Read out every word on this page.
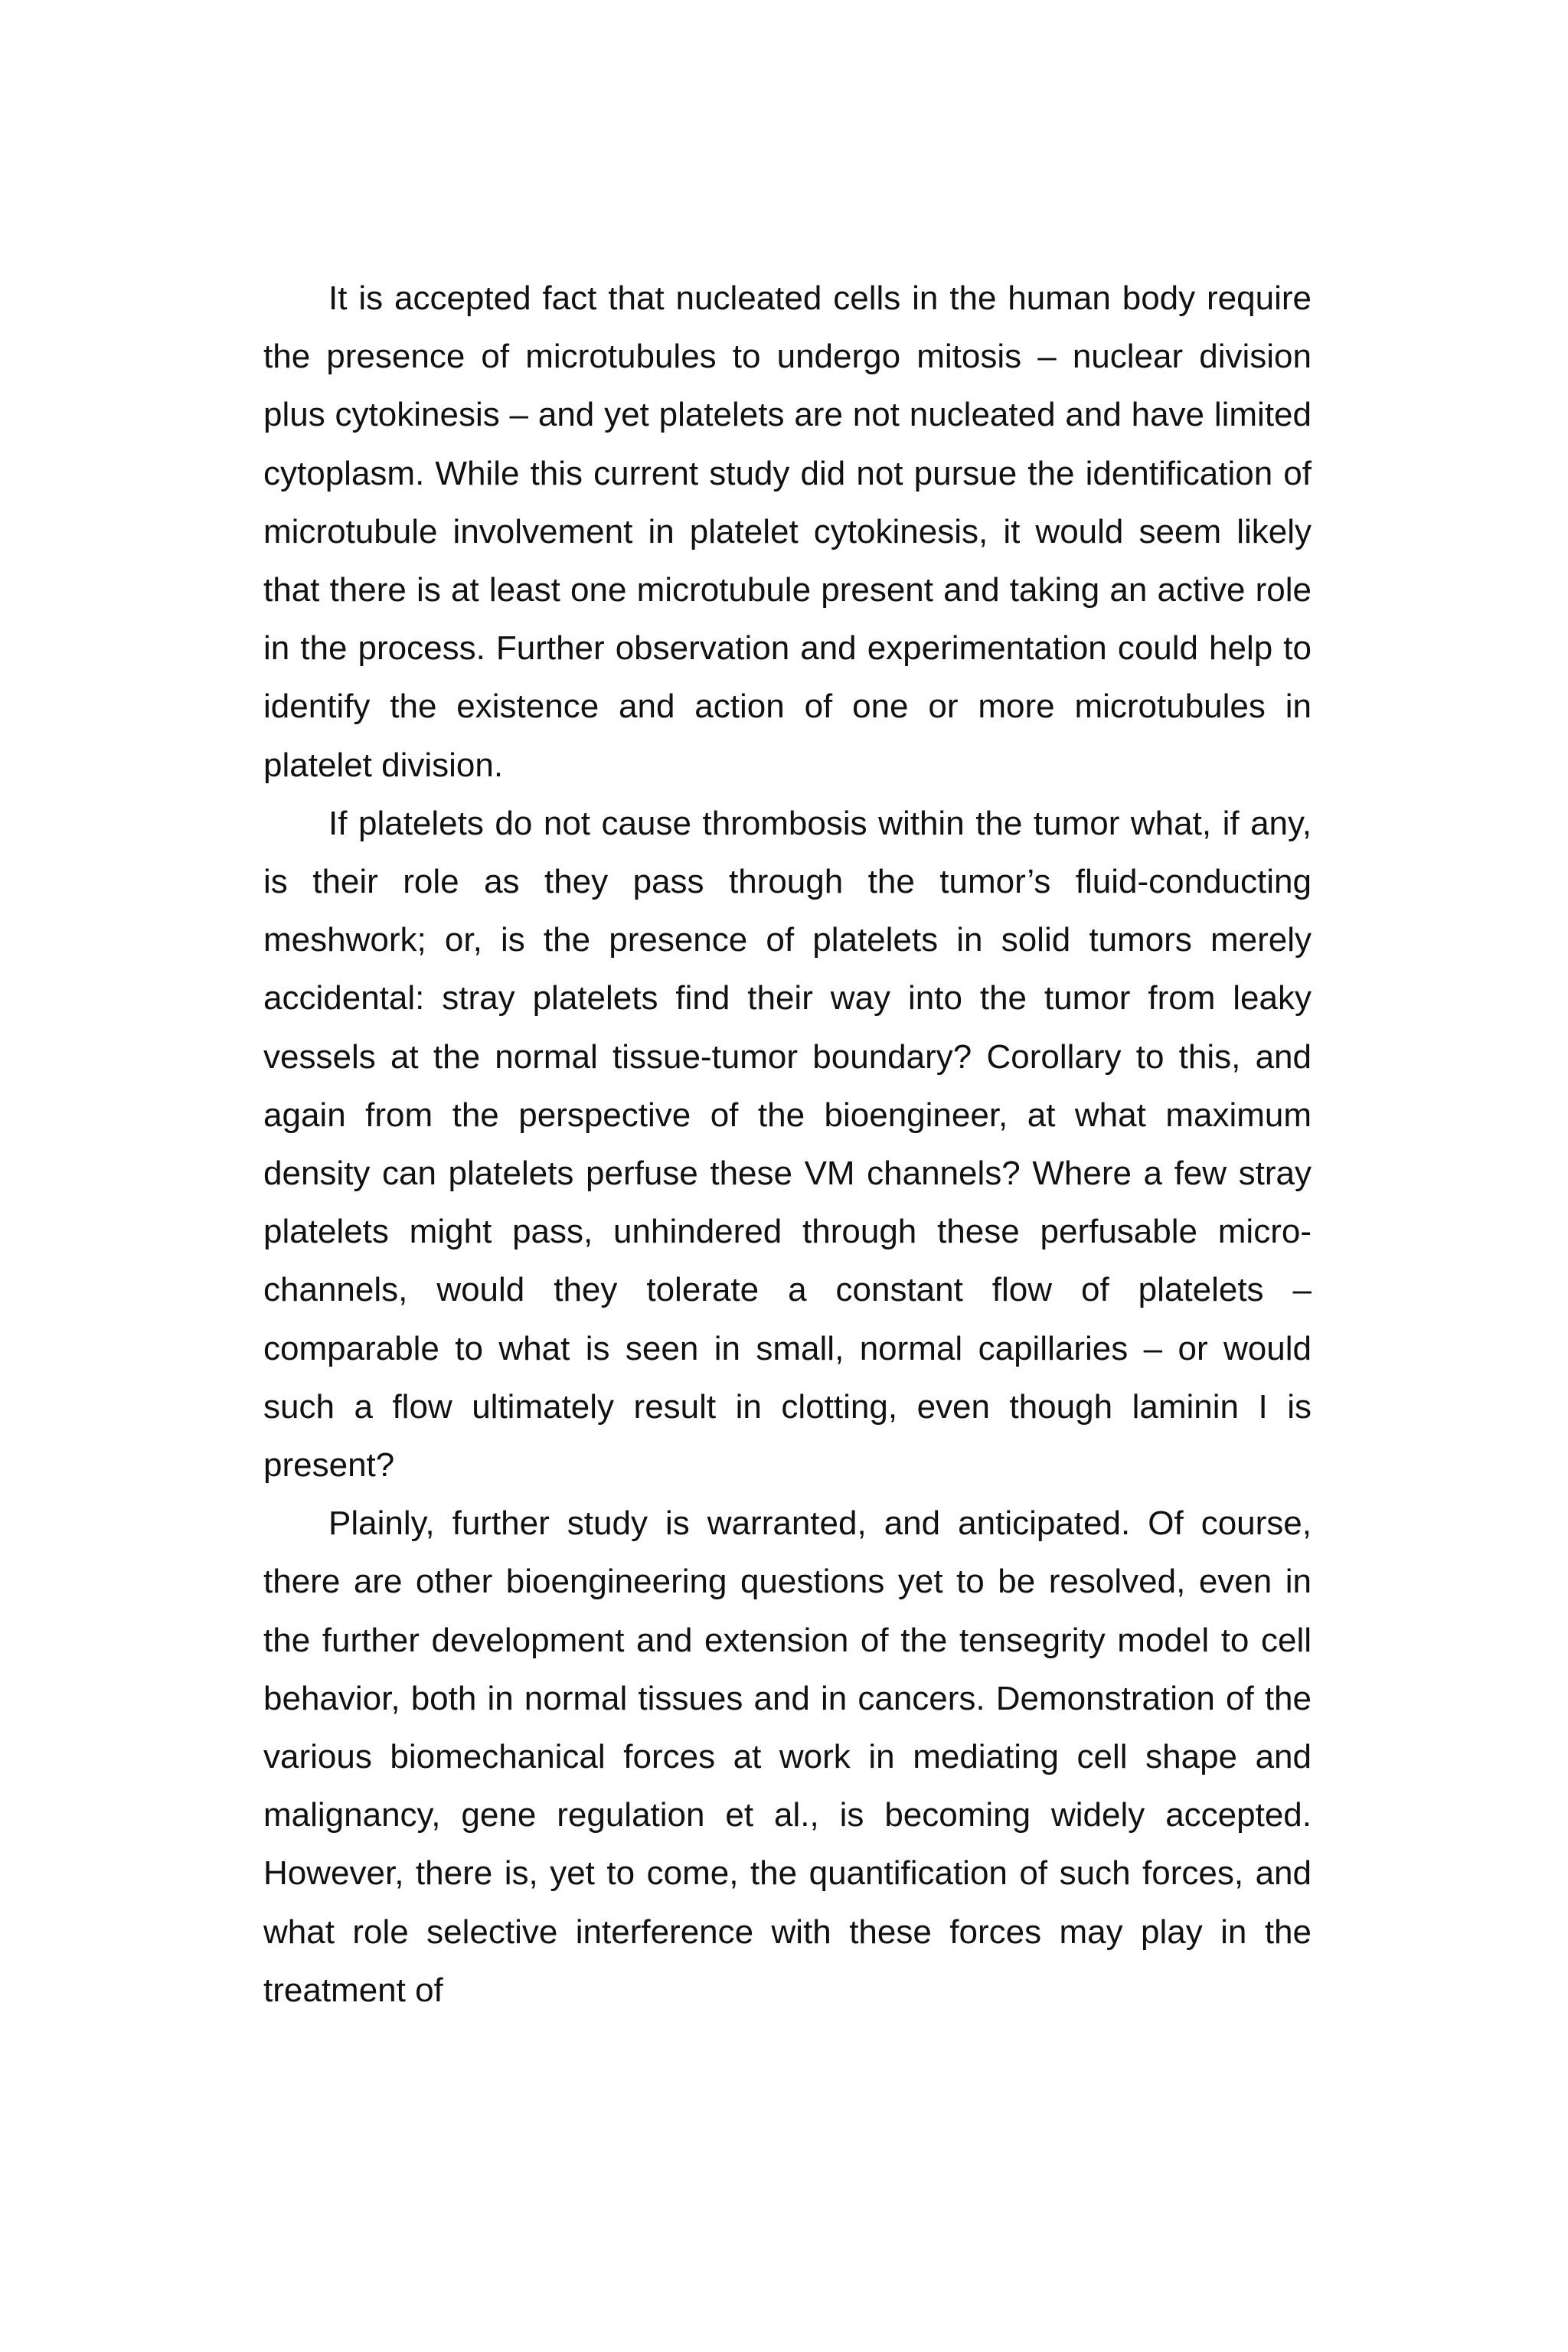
It is accepted fact that nucleated cells in the human body require the presence of microtubules to undergo mitosis – nuclear division plus cytokinesis – and yet platelets are not nucleated and have limited cytoplasm. While this current study did not pursue the identification of microtubule involvement in platelet cytokinesis, it would seem likely that there is at least one microtubule present and taking an active role in the process. Further observation and experimentation could help to identify the existence and action of one or more microtubules in platelet division.

If platelets do not cause thrombosis within the tumor what, if any, is their role as they pass through the tumor’s fluid-conducting meshwork; or, is the presence of platelets in solid tumors merely accidental: stray platelets find their way into the tumor from leaky vessels at the normal tissue-tumor boundary? Corollary to this, and again from the perspective of the bioengineer, at what maximum density can platelets perfuse these VM channels? Where a few stray platelets might pass, unhindered through these perfusable micro-channels, would they tolerate a constant flow of platelets – comparable to what is seen in small, normal capillaries – or would such a flow ultimately result in clotting, even though laminin I is present?

Plainly, further study is warranted, and anticipated. Of course, there are other bioengineering questions yet to be resolved, even in the further development and extension of the tensegrity model to cell behavior, both in normal tissues and in cancers. Demonstration of the various biomechanical forces at work in mediating cell shape and malignancy, gene regulation et al., is becoming widely accepted. However, there is, yet to come, the quantification of such forces, and what role selective interference with these forces may play in the treatment of
